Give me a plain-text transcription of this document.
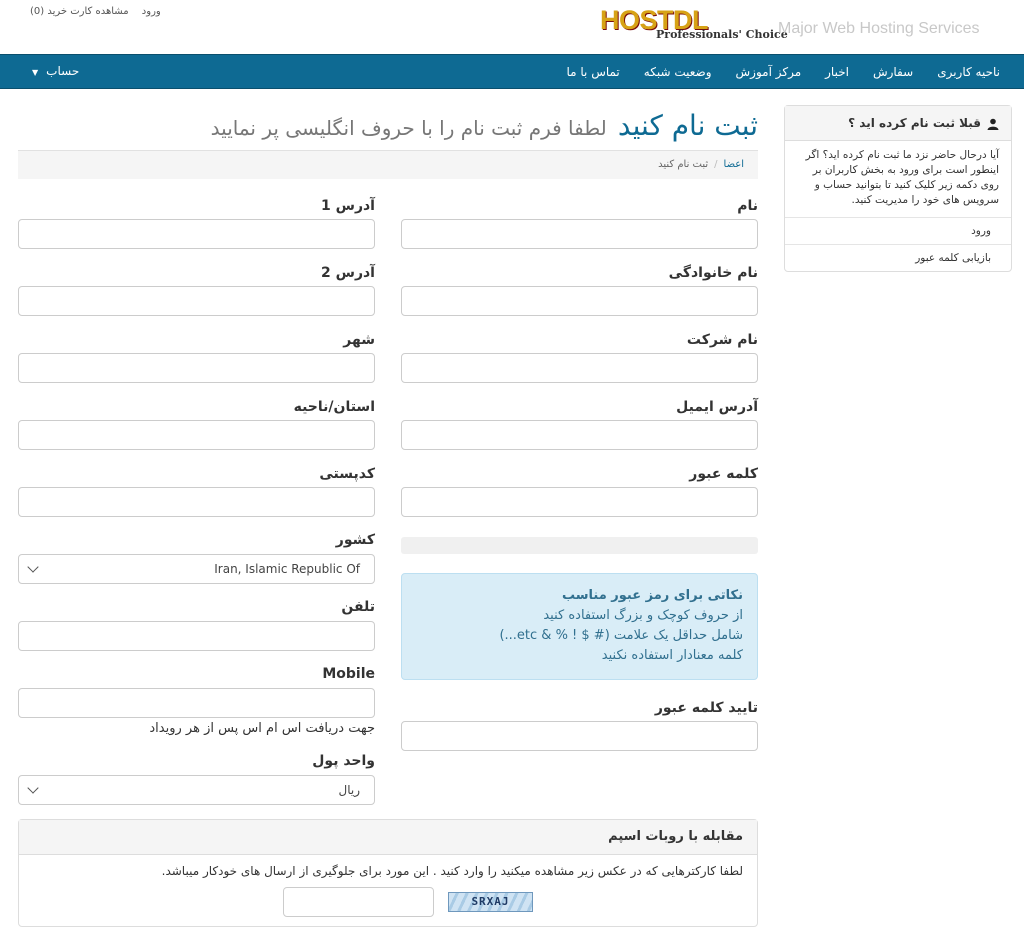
ورود مشاهده کارت خرید (0)	HOSTDL
Professionals' Choice
Major Web Hosting Services
ناحیه کاربری
سفارش
اخبار
مرکز آموزش
وضعیت شبکه
تماس با ما
▼ حساب
ثبت نام کنید لطفا فرم ثبت نام را با حروف انگلیسی پر نمایید
اعضا/ثبت نام کنید
نام
نام خانوادگی
نام شرکت
آدرس ایمیل
کلمه عبور
نکاتی برای رمز عبور مناسب
از حروف کوچک و بزرگ استفاده کنید
شامل حداقل یک علامت (# $ ! % & etc...)
کلمه معنادار استفاده نکنید
تایید کلمه عبور
آدرس 1
آدرس 2
شهر
استان/ناحیه
کدپستی
کشور
Iran, Islamic Republic Of
تلفن
Mobile
جهت دریافت اس ام اس پس از هر رویداد
واحد پول
ریال
مقابله با روبات اسپم
لطفا کارکترهایی که در عکس زیر مشاهده میکنید را وارد کنید . این مورد برای جلوگیری از ارسال های خودکار میباشد.
SRXAJ
قبلا ثبت نام کرده اید ؟
آیا درحال حاضر نزد ما ثبت نام کرده اید؟ اگر اینطور است برای ورود به بخش کاربران بر روی دکمه زیر کلیک کنید تا بتوانید حساب و سرویس های خود را مدیریت کنید.
ورود
بازیابی کلمه عبور
